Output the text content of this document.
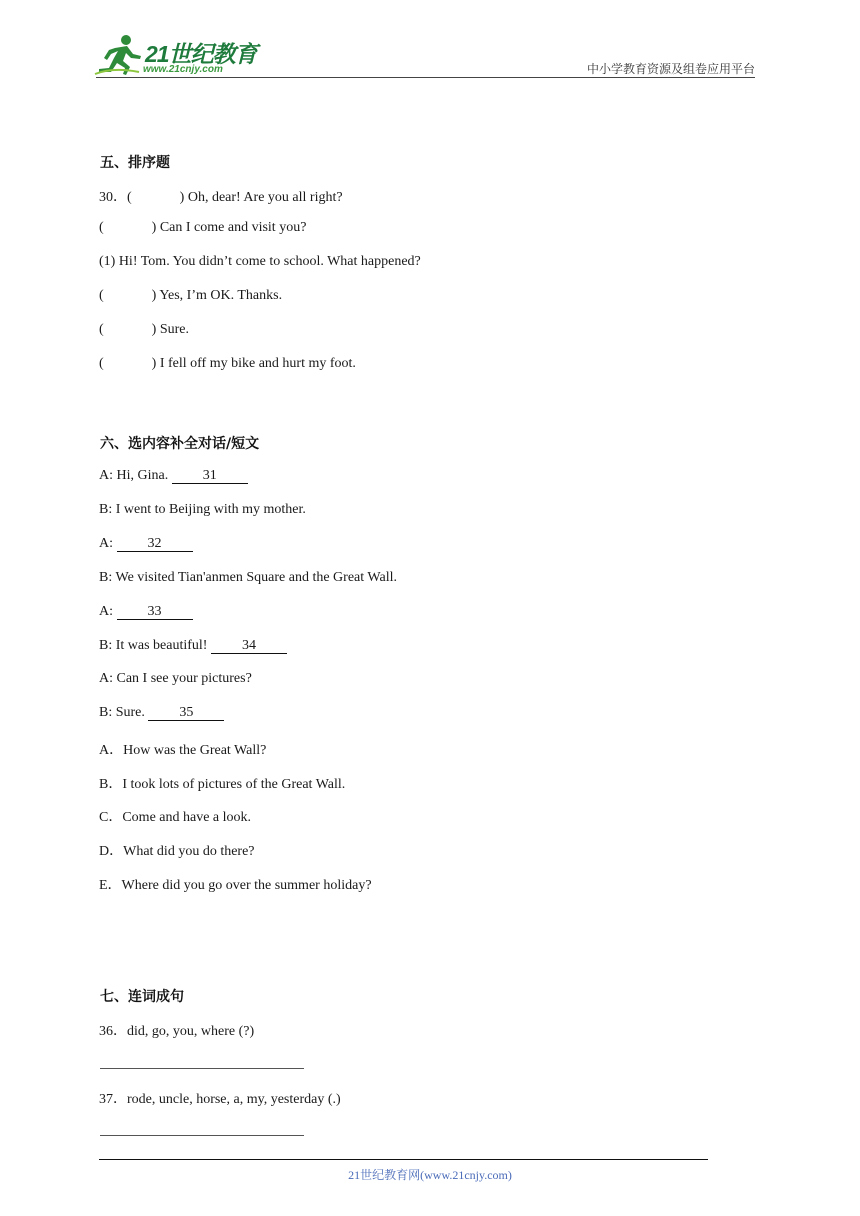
21世纪教育
www.21cnjy.com	中小学教育资源及组卷应用平台
五、排序题
30．(	) Oh, dear! Are you all right?
(	) Can I come and visit you?
(1) Hi! Tom. You didn’t come to school. What happened?
(	) Yes, I’m OK. Thanks.
(	) Sure.
(	) I fell off my bike and hurt my foot.
六、选内容补全对话/短文
A: Hi, Gina. 31
B: I went to Beijing with my mother.
A: 32
B: We visited Tian'anmen Square and the Great Wall.
A: 33
B: It was beautiful! 34
A: Can I see your pictures?
B: Sure. 35
A．How was the Great Wall?
B．I took lots of pictures of the Great Wall.
C．Come and have a look.
D．What did you do there?
E．Where did you go over the summer holiday?
七、连词成句
36．did, go, you, where (?)
37．rode, uncle, horse, a, my, yesterday (.)
21世纪教育网(www.21cnjy.com)
